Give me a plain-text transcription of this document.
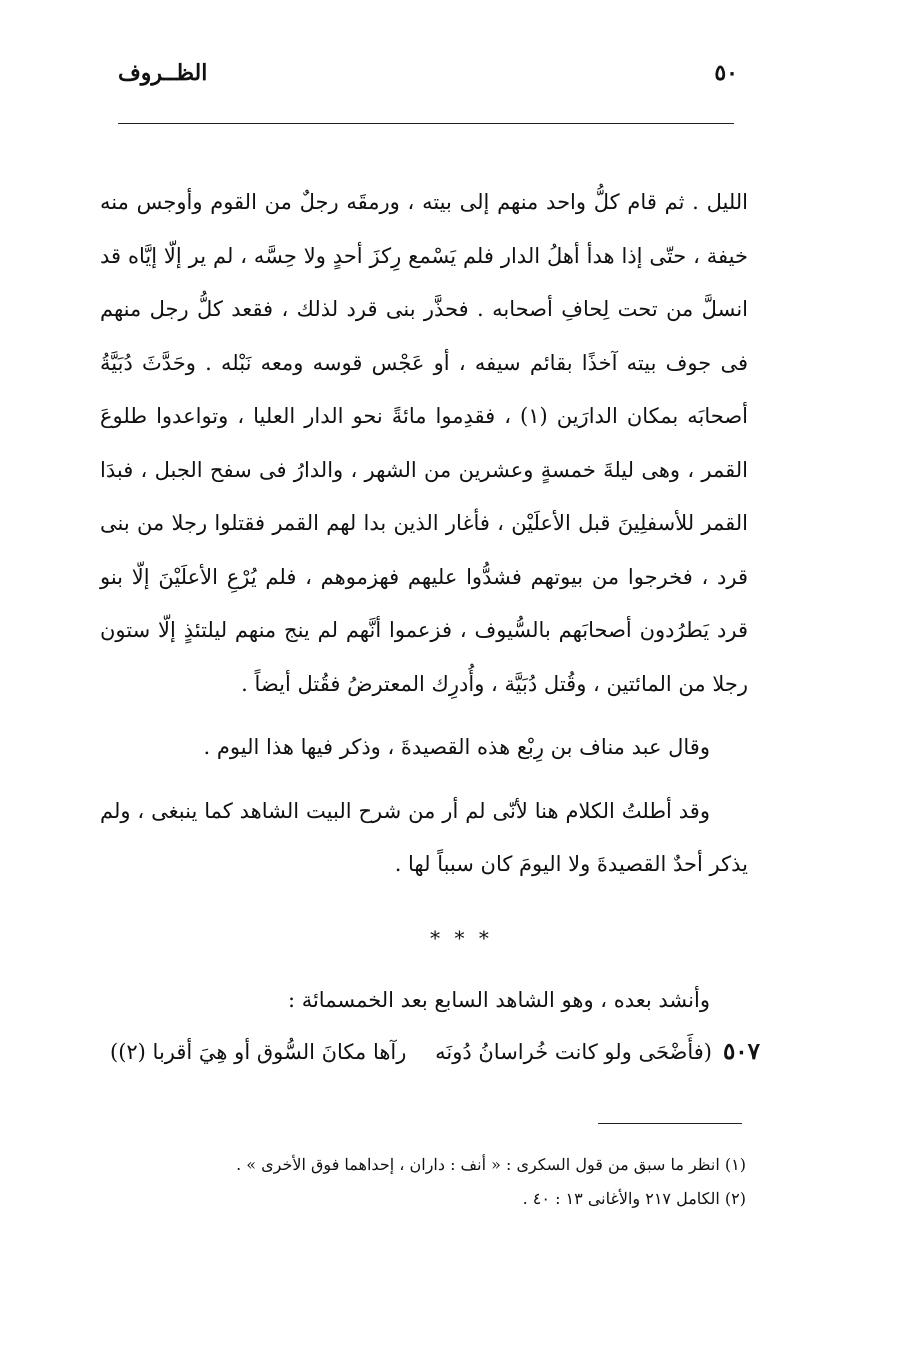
٥٠
الظــروف

الليل . ثم قام كلُّ واحد منهم إلى بيته ، ورمقَه رجلٌ من القوم وأوجس منه خيفة ، حتّى إذا هدأ أهلُ الدار فلم يَسْمع رِكزَ أحدٍ ولا حِسَّه ، لم ير إلّا إيَّاه قد انسلَّ من تحت لِحافِ أصحابه . فحذَّر بنى قرد لذلك ، فقعد كلُّ رجل منهم فى جوف بيته آخذًا بقائم سيفه ، أو عَجْس قوسه ومعه نَبْله . وحَدَّثَ دُبَيَّةُ أصحابَه بمكان الدارَين (١) ، فقدِموا مائةً نحو الدار العليا ، وتواعدوا طلوعَ القمر ، وهى ليلةَ خمسةٍ وعشرين من الشهر ، والدارُ فى سفح الجبل ، فبدَا القمر للأسفلِينَ قبل الأعلَيْن ، فأغار الذين بدا لهم القمر فقتلوا رجلا من بنى قرد ، فخرجوا من بيوتهم فشدُّوا عليهم فهزموهم ، فلم يُرْعِ الأعلَيْنَ إلّا بنو قرد يَطرُدون أصحابَهم بالسُّيوف ، فزعموا أنَّهم لم ينج منهم ليلتئذٍ إلّا ستون رجلا من المائتين ، وقُتل دُبَيَّة ، وأُدرِك المعترضُ فقُتل أيضاً .

وقال عبد مناف بن رِبْع هذه القصيدةَ ، وذكر فيها هذا اليوم .

وقد أطلتُ الكلام هنا لأنّى لم أر من شرح البيت الشاهد كما ينبغى ، ولم يذكر أحدٌ القصيدةَ ولا اليومَ كان سبباً لها .

* * *
وأنشد بعده ، وهو الشاهد السابع بعد الخمسمائة :
٥٠٧
(فأَضْحَى ولو كانت خُراسانُ دُونَه
رآها مكانَ السُّوق أو هِيَ أقربا (٢))

(١) انظر ما سبق من قول السكرى : « أنف : داران ، إحداهما فوق الأخرى » .

(٢) الكامل ٢١٧ والأغانى ١٣ : ٤٠ .
